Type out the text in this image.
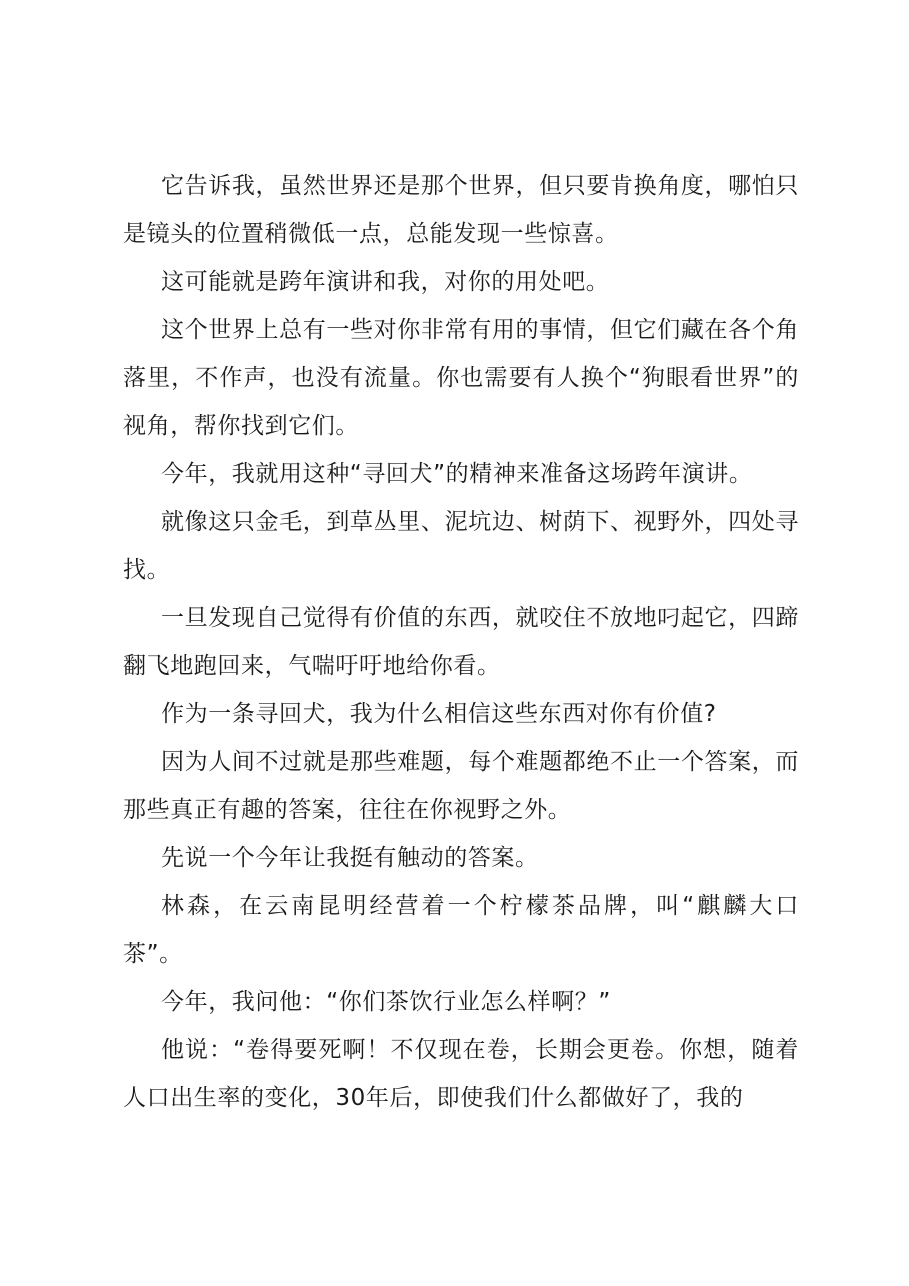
它告诉我，虽然世界还是那个世界，但只要肯换角度，哪怕只是镜头的位置稍微低一点，总能发现一些惊喜。

这可能就是跨年演讲和我，对你的用处吧。

这个世界上总有一些对你非常有用的事情，但它们藏在各个角落里，不作声，也没有流量。你也需要有人换个“狗眼看世界”的视角，帮你找到它们。

今年，我就用这种“寻回犬”的精神来准备这场跨年演讲。

就像这只金毛，到草丛里、泥坑边、树荫下、视野外，四处寻找。

一旦发现自己觉得有价值的东西，就咬住不放地叼起它，四蹄翻飞地跑回来，气喘吁吁地给你看。

作为一条寻回犬，我为什么相信这些东西对你有价值?

因为人间不过就是那些难题，每个难题都绝不止一个答案，而那些真正有趣的答案，往往在你视野之外。

先说一个今年让我挺有触动的答案。

林森，在云南昆明经营着一个柠檬茶品牌，叫“麒麟大口茶”。

今年，我问他：“你们茶饮行业怎么样啊？”

他说：“卷得要死啊！不仅现在卷，长期会更卷。你想，随着人口出生率的变化，30年后，即使我们什么都做好了，我的
